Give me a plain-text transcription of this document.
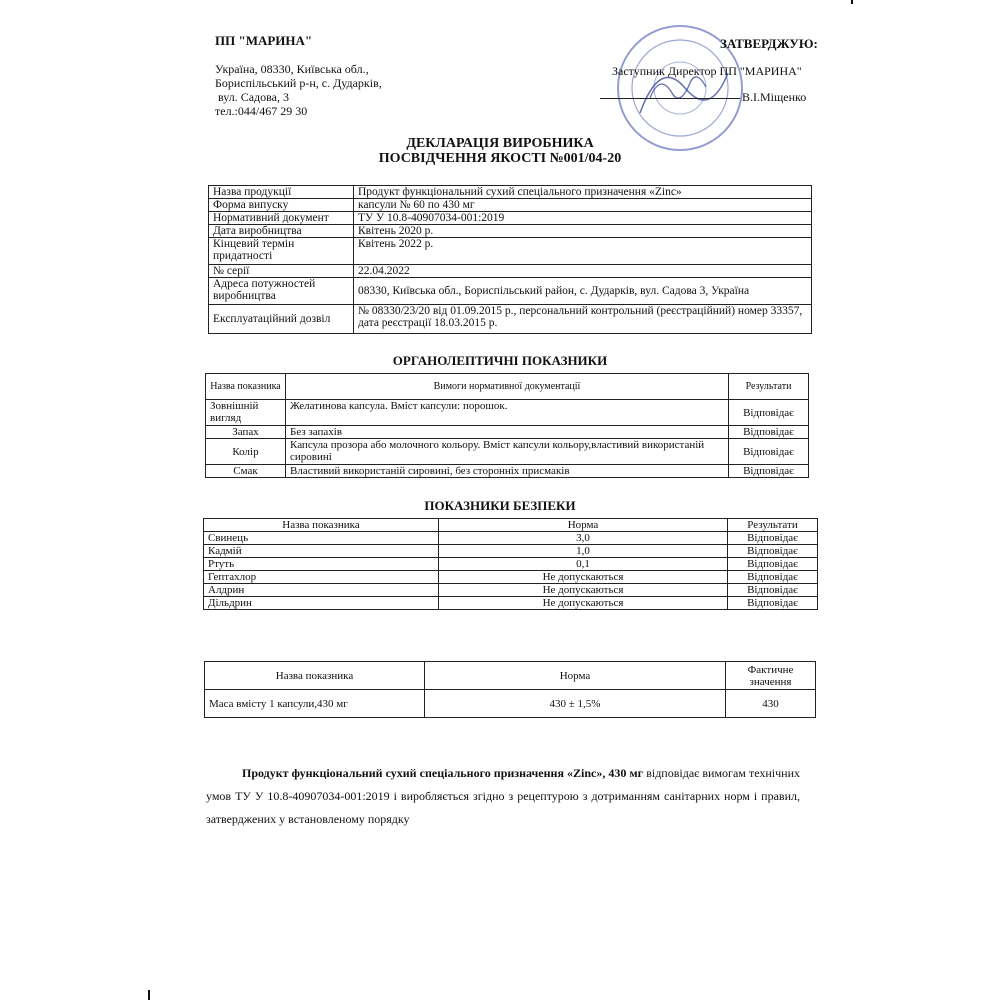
ПП "МАРИНА"
Україна, 08330, Київська обл.,
Бориспільський р-н, с. Дударків,
вул. Садова, 3
тел.:044/467 29 30
ЗАТВЕРДЖУЮ:
Заступник Директор ПП "МАРИНА"
В.І.Міщенко
ДЕКЛАРАЦІЯ ВИРОБНИКА
ПОСВІДЧЕННЯ ЯКОСТІ №001/04-20
Назва продукції	Продукт функціональний сухий спеціального призначення «Zinc»
Форма випуску	капсули № 60 по 430 мг
Нормативний документ	ТУ У 10.8-40907034-001:2019
Дата виробництва	Квітень 2020 р.
Кінцевий термін придатності	Квітень 2022 р.
№ серії	22.04.2022
Адреса потужностей виробництва	08330, Київська обл., Бориспільський район, с. Дударків, вул. Садова 3, Україна
Експлуатаційний дозвіл	№ 08330/23/20 від 01.09.2015 р., персональний контрольний (реєстраційний) номер 33357, дата реєстрації 18.03.2015 р.
ОРГАНОЛЕПТИЧНІ ПОКАЗНИКИ
Назва показника	Вимоги нормативної документації	Результати
Зовнішній вигляд	Желатинова капсула. Вміст капсули: порошок.	Відповідає
Запах	Без запахів	Відповідає
Колір	Капсула прозора або молочного кольору. Вміст капсули кольору,властивий використаній сировині	Відповідає
Смак	Властивий використаній сировині, без сторонніх присмаків	Відповідає
ПОКАЗНИКИ БЕЗПЕКИ
Назва показника	Норма	Результати
Свинець	3,0	Відповідає
Кадмій	1,0	Відповідає
Ртуть	0,1	Відповідає
Гептахлор	Не допускаються	Відповідає
Алдрин	Не допускаються	Відповідає
Дільдрин	Не допускаються	Відповідає
Назва показника	Норма	Фактичне значення
Маса вмісту 1 капсули,430 мг	430 ± 1,5%	430
Продукт функціональний сухий спеціального призначення «Zinc», 430 мг відповідає вимогам технічних умов ТУ У 10.8-40907034-001:2019 і виробляється згідно з рецептурою з дотриманням санітарних норм і правил, затверджених у встановленому порядку
